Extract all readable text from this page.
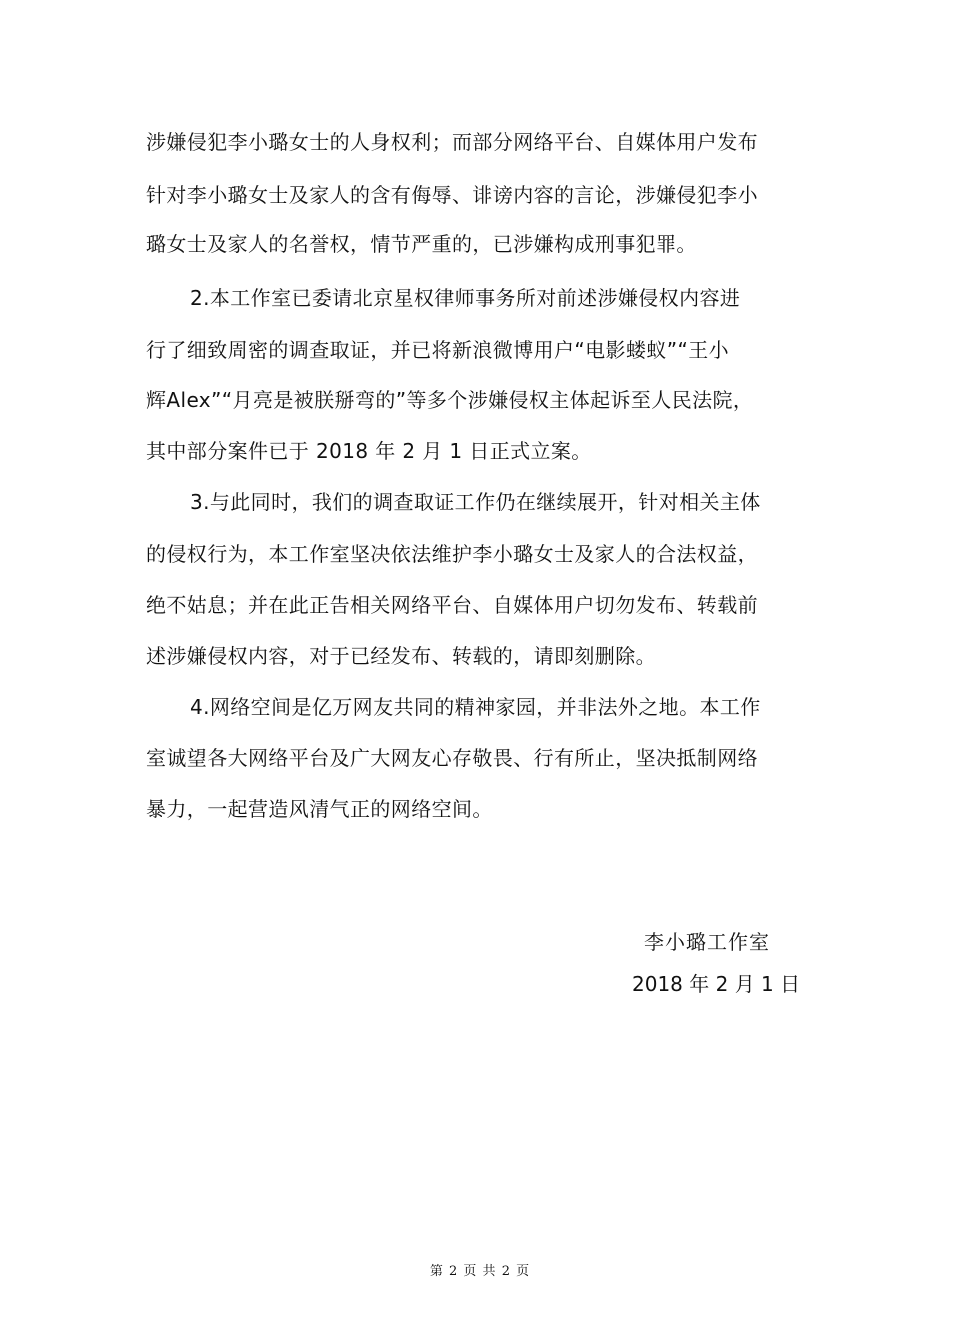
涉嫌侵犯李小璐女士的人身权利；而部分网络平台、自媒体用户发布
针对李小璐女士及家人的含有侮辱、诽谤内容的言论，涉嫌侵犯李小
璐女士及家人的名誉权，情节严重的，已涉嫌构成刑事犯罪。
2.本工作室已委请北京星权律师事务所对前述涉嫌侵权内容进
行了细致周密的调查取证，并已将新浪微博用户“电影蝼蚁”“王小
辉Alex”“月亮是被朕掰弯的”等多个涉嫌侵权主体起诉至人民法院，
其中部分案件已于 2018 年 2 月 1 日正式立案。
3.与此同时，我们的调查取证工作仍在继续展开，针对相关主体
的侵权行为，本工作室坚决依法维护李小璐女士及家人的合法权益，
绝不姑息；并在此正告相关网络平台、自媒体用户切勿发布、转载前
述涉嫌侵权内容，对于已经发布、转载的，请即刻删除。
4.网络空间是亿万网友共同的精神家园，并非法外之地。本工作
室诚望各大网络平台及广大网友心存敬畏、行有所止，坚决抵制网络
暴力，一起营造风清气正的网络空间。
李小璐工作室
2018 年 2 月 1 日
第 2 页 共 2 页
